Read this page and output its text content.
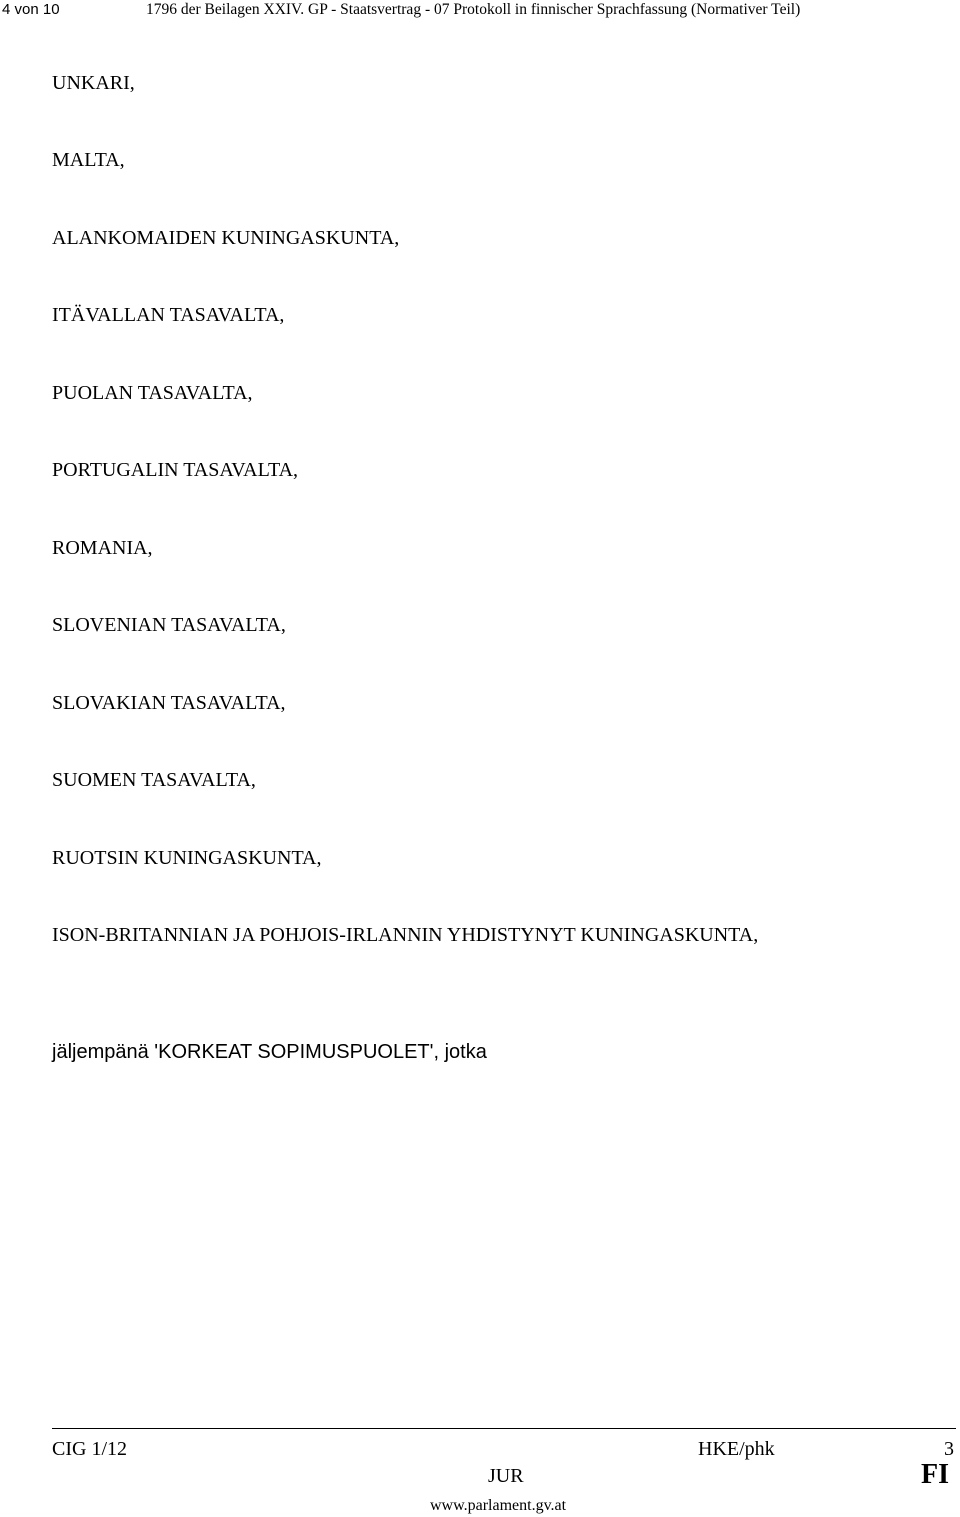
4 von 10	1796 der Beilagen XXIV. GP - Staatsvertrag - 07 Protokoll in finnischer Sprachfassung (Normativer Teil)
UNKARI,
MALTA,
ALANKOMAIDEN KUNINGASKUNTA,
ITÄVALLAN TASAVALTA,
PUOLAN TASAVALTA,
PORTUGALIN TASAVALTA,
ROMANIA,
SLOVENIAN TASAVALTA,
SLOVAKIAN TASAVALTA,
SUOMEN TASAVALTA,
RUOTSIN KUNINGASKUNTA,
ISON-BRITANNIAN JA POHJOIS-IRLANNIN YHDISTYNYT KUNINGASKUNTA,
jäljempänä 'KORKEAT SOPIMUSPUOLET', jotka
CIG 1/12	HKE/phk	3
JUR	FI
www.parlament.gv.at
